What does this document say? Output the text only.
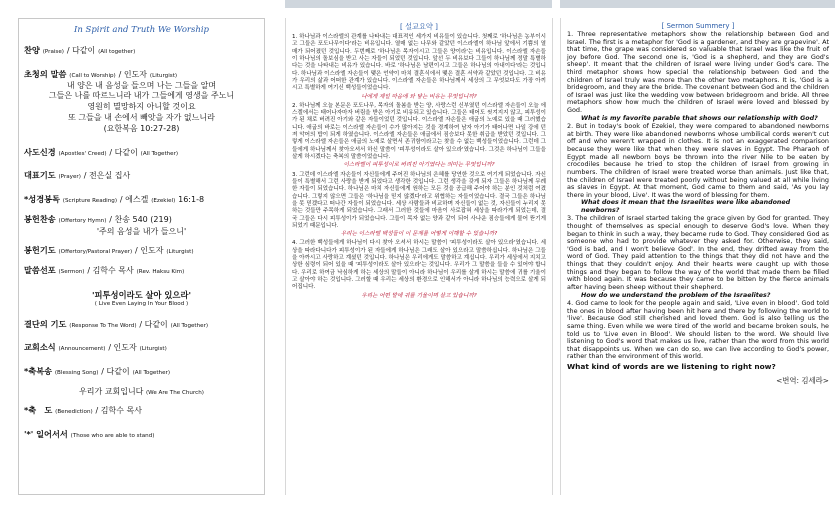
In Spirit and Truth We Worship

찬양 (Praise) / 다같이 (All together)

초청의 말씀 (Call to Worship) / 인도자 (Liturgist)

내 양은 내 음성을 들으며 나는 그들을 알며
그들은 나를 따르느니라 내가 그들에게 영생을 주노니
영원히 멸망하지 아니할 것이요
또 그들을 내 손에서 빼앗을 자가 없느니라
(요한복음 10:27-28)

사도신경 (Apostles' Creed) / 다같이 (All Together)

대표기도 (Prayer) / 전은실 집사

*성경봉독 (Scripture Reading) / 에스겔 (Ezekiel) 16:1-8

봉헌찬송 (Offertory Hymn) / 찬송 540 (219)

'주의 음성을 내가 들으니'

봉헌기도 (Offertory/Pastoral Prayer) / 인도자 (Liturgist)

말씀선포 (Sermon) / 김학수 목사 (Rev. Haksu Kim)

'피투성이라도 살아 있으라'
( Live Even Laying In Your Blood )

결단의 기도 (Response To The Word) / 다같이 (All Together)

교회소식 (Announcement) / 인도자 (Liturgist)

*축복송 (Blessing Song) / 다같이 (All Together)

우리가 교회입니다 (We Are The Church)

*축　도 (Benediction) / 김학수 목사

'*' 일어서서 (Those who are able to stand)

[ 설교요약 ]

1. 하나님과 이스라엘의 관계를 나타내는 대표적인 세가지 비유들이 있습니다. 첫째로 '하나님은 농부이시고 그들은 포도나무이다'라는 비유입니다. 열매 없는 나무와 같았던 이스라엘이 하나님 앞에서 기쁨의 열매가 되어졌던 것입니다. 두번째로 '하나님은 목자이시고 그들은 양이라'는 비유입니다. 이스라엘 자손들이 하나님의 돌보심을 받고 사는 자들이 되었던 것입니다. 앞선 두 비유보다 그들이 하나님께 정말 특별하다는 것을 나타내는 비유가 있습니다. 바로 '하나님은 남편이시고 그들은 하나님의 아내이다'라는 것입니다. 하나님과 이스라엘 자손들이 맺은 언약이 마치 결혼식에서 맺은 결혼 서약과 같았던 것입니다. 그 비유가 우리의 삶과 어떠한 관계가 있습니다. 이스라엘 자손들은 하나님께서 세상의 그 무엇보다도 가장 아끼시고 특별하게 여기신 백성들이었습니다.

나에게 제일 마음에 와 닿는 비유는 무엇입니까?

2. 하나님께 오늘 본문은 포도나무, 목자의 돌봄을 받는 양, 사랑스런 신부였던 이스라엘 자손들이 오늘 에스겔에서는 태어나자마자 버림을 받은 아기로 비유되고 있습니다. 그들은 태어도 씻겨지지 않고, 피투성이가 된 채로 버려진 아기와 같은 자들이었던 것입니다. 이스라엘 자손들은 애굽의 노예로 있을 때 그러했습니다. 애굽의 바로는 이스라엘 자손들이 수가 많아지는 것을 경계하여 남자 아기가 태어나면 나일 강에 던져 악어의 밥이 되게 하였습니다. 이스라엘 자손들은 애굽에서 짐승보다 못한 취급을 받았던 것입니다. 그렇게 이스라엘 자손들은 애굽의 노예로 살면서 존귀함이라고는 찾을 수 없는 백성들이었습니다. 그런데 그들에게 하나님께서 찾아오셔서 하신 말씀이 '피투성이라도 살아 있으라'였습니다. 그것은 하나님이 그들을 살게 하시겠다는 축복의 말씀이었습니다.

이스라엘이 피투성이로 버려진 아기였다는 의미는 무엇입니까?

3. 그런데 이스라엘 자손들이 자신들에게 주어진 하나님의 은혜를 당연한 것으로 여기게 되었습니다. 자신들이 특별해서 그런 사랑을 받게 되었다고 생각한 것입니다. 그런 생각을 갖게 되자 그들은 하나님께 무례한 자들이 되었습니다. 하나님은 마치 자신들에게 원하는 모든 것을 공급해 주어야 하는 분인 것처럼 여겼습니다. 그렇지 않으면 그들은 '하나님을 믿지 않겠다'라고 위협하는 자들이었습니다. 결국 그들은 하나님을 못 믿겠다고 떠나간 자들이 되었습니다. 세상 사람들과 비교하며 자신들이 없는 것, 자신들이 누리지 못하는 것들만 주목하게 되었습니다. 그래서 그러한 것들에 마음이 사로잡혀 세상을 따라가게 되었는데, 결국 그들은 다시 피투성이가 되었습니다. 그들이 목자 없는 양과 같이 되어 사나운 짐승들에게 물어 뜯기게 되었기 때문입니다.

우리는 이스라엘 백성들이 이 문제를 어떻게 이해할 수 있습니까?

4. 그러한 백성들에게 하나님이 다시 찾아 오셔서 하시는 말씀이 '피투성이라도 살아 있으라'였습니다. 세상을 따라다니다가 피투성이가 된 자들에게 하나님은 그래도 살아 있으라고 말씀하십니다. 하나님은 그들을 아까시고 사랑하고 계셨던 것입니다. 하나님은 우리에게도 말씀하고 계십니다. 우리가 세상에서 지치고 상한 심령이 되어 있을 때 '피투성이라도 살아 있으라'는 것입니다. 우리가 그 말씀을 들을 수 있어야 합니다. 우리로 하여금 낙심하게 하는 세상의 말들이 아니라 하나님이 우리를 살게 하시는 말씀에 귀를 기울이고 살아야 하는 것입니다. 그러할 때 우리는 세상의 환경으로 인해서가 아니라 하나님의 능력으로 살게 되어집니다.

우리는 어떤 말에 귀를 기울이며 살고 있습니까?

[ Sermon Summery ]

1. Three representative metaphors show the relationship between God and Israel. The first is a metaphor for 'God is a gardener, and they are grapevine'. At that time, the grape was considered so valuable that Israel was like the fruit of joy before God. The second one is, 'God is a shepherd, and they are God's sheep'. It meant that the children of Israel were living under God's care. The third metaphor shows how special the relationship between God and the children of Israel truly was more than the other two metaphors. It is, 'God is a bridegroom, and they are the bride. The covenant between God and the children of Israel was just like the wedding vow between bridegroom and bride. All three metaphors show how much the children of Israel were loved and blessed by God.

What is my favorite parable that shows our relationship with God?

2. But in today's book of Ezekiel, they were compared to abandoned newborns at birth. They were like abandoned newborns whose umbilical cords weren't cut off and who weren't wrapped in clothes. It is not an exaggerated comparison because they were like that when they were slaves in Egypt. The Pharaoh of Egypt made all newborn boys be thrown into the river Nile to be eaten by crocodiles because he tried to stop the children of Israel from growing in numbers. The children of Israel were treated worse than animals. Just like that, the children of Israel were treated poorly without being valued at all while living as slaves in Egypt. At that moment, God came to them and said, 'As you lay there in your blood, Live'. It was the word of blessing for them.

What does it mean that the Israelites were like abandoned newborns?

3. The children of Israel started taking the grace given by God for granted. They thought of themselves as special enough to deserve God's love. When they began to think in such a way, they became rude to God. They considered God as someone who had to provide whatever they asked for. Otherwise, they said, 'God is bad, and I won't believe God'. In the end, they drifted away from the word of God. They paid attention to the things that they did not have and the things that they couldn't enjoy. And their hearts were caught up with those things and they began to follow the way of the world that made them be filled with blood again. It was because they came to be bitten by the fierce animals after having been sheep without their shepherd.

How do we understand the problem of the Israelites?

4. God came to look for the people again and said, 'Live even in blood'. God told the ones in blood after having been hit here and there by following the world to 'live'. Because God still cherished and loved them. God is also telling us the same thing. Even while we were tired of the world and became broken souls, he told us to 'Live even in Blood'. We should listen to the word. We should live listening to God's word that makes us live, rather than the word from this world that disappoints us. When we can do so, we can live according to God's power, rather than the environment of this world.

What kind of words are we listening to right now?

<번역: 김세라>
